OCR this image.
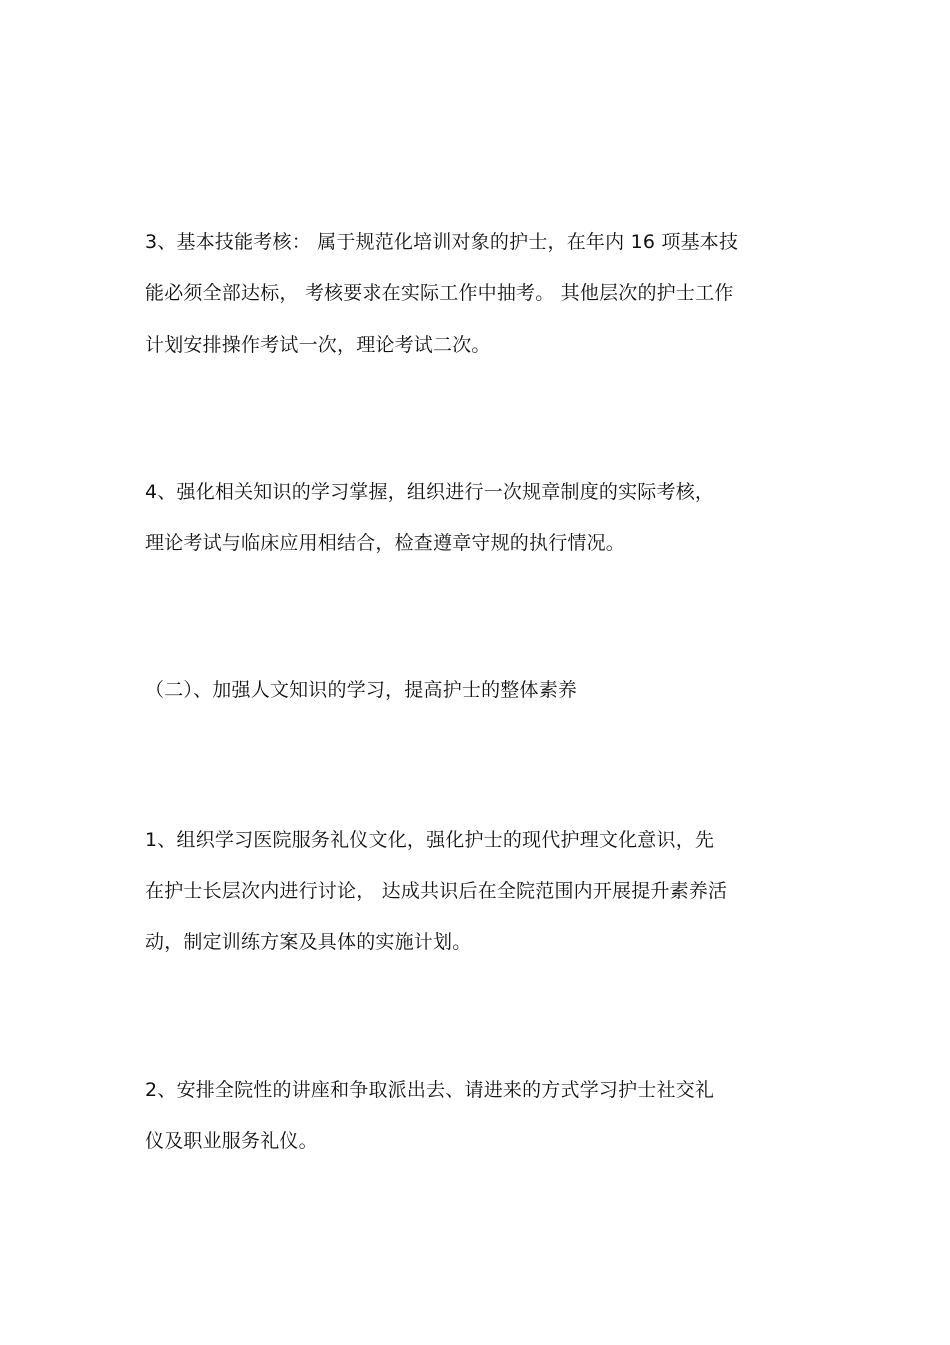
3、基本技能考核： 属于规范化培训对象的护士，在年内 16 项基本技
能必须全部达标， 考核要求在实际工作中抽考。 其他层次的护士工作
计划安排操作考试一次，理论考试二次。
4、强化相关知识的学习掌握，组织进行一次规章制度的实际考核，
理论考试与临床应用相结合，检查遵章守规的执行情况。
（二）、加强人文知识的学习，提高护士的整体素养
1、组织学习医院服务礼仪文化，强化护士的现代护理文化意识，先
在护士长层次内进行讨论， 达成共识后在全院范围内开展提升素养活
动，制定训练方案及具体的实施计划。
2、安排全院性的讲座和争取派出去、请进来的方式学习护士社交礼
仪及职业服务礼仪。
